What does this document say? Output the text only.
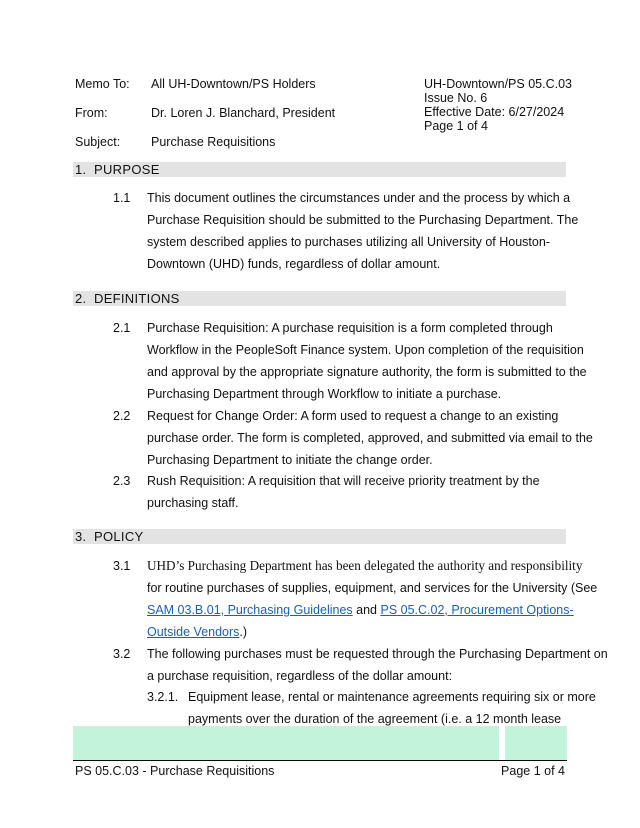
Memo To: All UH-Downtown/PS Holders
From:	Dr. Loren J. Blanchard, President
Subject: Purchase Requisitions
UH-Downtown/PS 05.C.03
Issue No. 6
Effective Date: 6/27/2024
Page 1 of 4
1. PURPOSE
1.1 This document outlines the circumstances under and the process by which a
Purchase Requisition should be submitted to the Purchasing Department. The
system described applies to purchases utilizing all University of Houston-
Downtown (UHD) funds, regardless of dollar amount.
2. DEFINITIONS
2.1 Purchase Requisition: A purchase requisition is a form completed through
Workflow in the PeopleSoft Finance system. Upon completion of the requisition
and approval by the appropriate signature authority, the form is submitted to the
Purchasing Department through Workflow to initiate a purchase.
2.2 Request for Change Order: A form used to request a change to an existing
purchase order. The form is completed, approved, and submitted via email to the
Purchasing Department to initiate the change order.
2.3 Rush Requisition: A requisition that will receive priority treatment by the
purchasing staff.
3. POLICY
3.1 UHD’s Purchasing Department has been delegated the authority and responsibility
for routine purchases of supplies, equipment, and services for the University (See
SAM 03.B.01, Purchasing Guidelines and PS 05.C.02, Procurement Options-
Outside Vendors.)
3.2 The following purchases must be requested through the Purchasing Department on
a purchase requisition, regardless of the dollar amount:
3.2.1. Equipment lease, rental or maintenance agreements requiring six or more
payments over the duration of the agreement (i.e. a 12 month lease
PS 05.C.03 - Purchase Requisitions	Page 1 of 4
